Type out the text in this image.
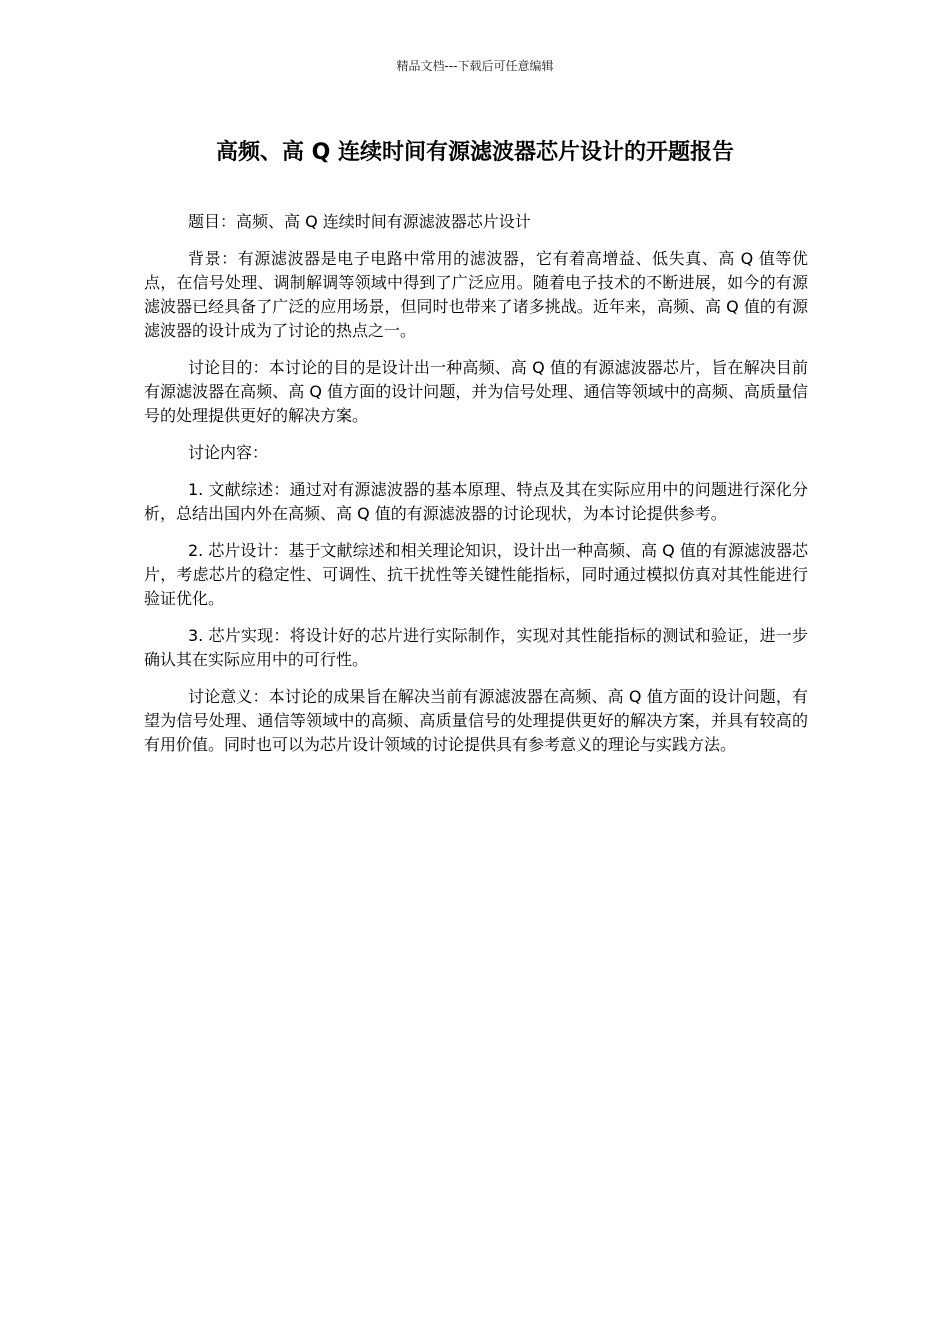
精品文档---下载后可任意编辑
高频、高 Q 连续时间有源滤波器芯片设计的开题报告

题目：高频、高 Q 连续时间有源滤波器芯片设计

背景：有源滤波器是电子电路中常用的滤波器，它有着高增益、低失真、高 Q 值等优点，在信号处理、调制解调等领域中得到了广泛应用。随着电子技术的不断进展，如今的有源滤波器已经具备了广泛的应用场景，但同时也带来了诸多挑战。近年来，高频、高 Q 值的有源滤波器的设计成为了讨论的热点之一。

讨论目的：本讨论的目的是设计出一种高频、高 Q 值的有源滤波器芯片，旨在解决目前有源滤波器在高频、高 Q 值方面的设计问题，并为信号处理、通信等领域中的高频、高质量信号的处理提供更好的解决方案。

讨论内容：

1. 文献综述：通过对有源滤波器的基本原理、特点及其在实际应用中的问题进行深化分析，总结出国内外在高频、高 Q 值的有源滤波器的讨论现状，为本讨论提供参考。

2. 芯片设计：基于文献综述和相关理论知识，设计出一种高频、高 Q 值的有源滤波器芯片，考虑芯片的稳定性、可调性、抗干扰性等关键性能指标，同时通过模拟仿真对其性能进行验证优化。

3. 芯片实现：将设计好的芯片进行实际制作，实现对其性能指标的测试和验证，进一步确认其在实际应用中的可行性。

讨论意义：本讨论的成果旨在解决当前有源滤波器在高频、高 Q 值方面的设计问题，有望为信号处理、通信等领域中的高频、高质量信号的处理提供更好的解决方案，并具有较高的有用价值。同时也可以为芯片设计领域的讨论提供具有参考意义的理论与实践方法。
